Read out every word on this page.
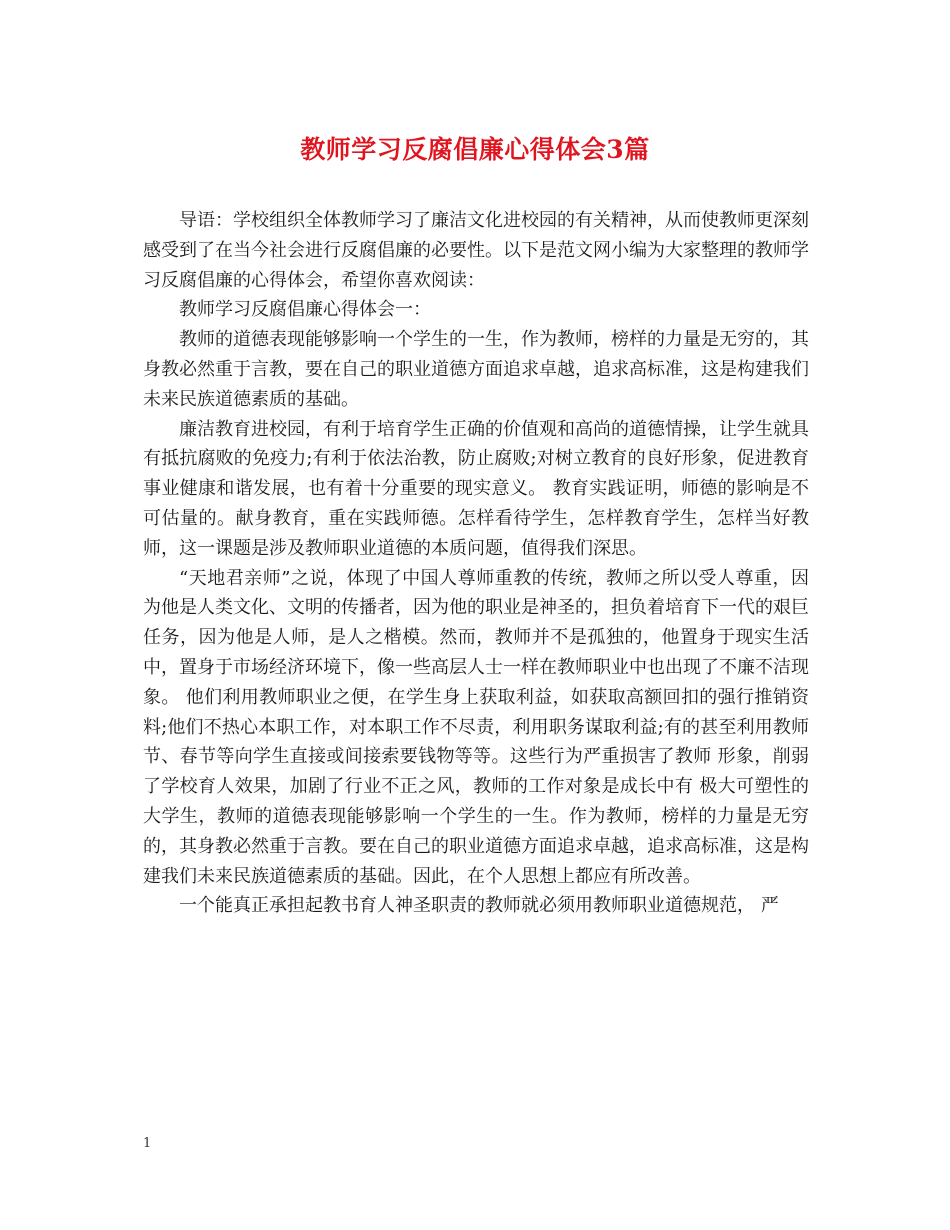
教师学习反腐倡廉心得体会3篇

导语：学校组织全体教师学习了廉洁文化进校园的有关精神，从而使教师更深刻感受到了在当今社会进行反腐倡廉的必要性。以下是范文网小编为大家整理的教师学习反腐倡廉的心得体会，希望你喜欢阅读：

教师学习反腐倡廉心得体会一：

教师的道德表现能够影响一个学生的一生，作为教师，榜样的力量是无穷的，其身教必然重于言教，要在自己的职业道德方面追求卓越，追求高标准，这是构建我们未来民族道德素质的基础。

廉洁教育进校园，有利于培育学生正确的价值观和高尚的道德情操，让学生就具有抵抗腐败的免疫力;有利于依法治教，防止腐败;对树立教育的良好形象，促进教育事业健康和谐发展，也有着十分重要的现实意义。 教育实践证明，师德的影响是不可估量的。献身教育，重在实践师德。怎样看待学生，怎样教育学生，怎样当好教师，这一课题是涉及教师职业道德的本质问题，值得我们深思。

“天地君亲师”之说，体现了中国人尊师重教的传统，教师之所以受人尊重，因为他是人类文化、文明的传播者，因为他的职业是神圣的，担负着培育下一代的艰巨任务，因为他是人师，是人之楷模。然而，教师并不是孤独的，他置身于现实生活中，置身于市场经济环境下，像一些高层人士一样在教师职业中也出现了不廉不洁现象。 他们利用教师职业之便，在学生身上获取利益，如获取高额回扣的强行推销资料;他们不热心本职工作，对本职工作不尽责，利用职务谋取利益;有的甚至利用教师节、春节等向学生直接或间接索要钱物等等。这些行为严重损害了教师 形象，削弱了学校育人效果，加剧了行业不正之风，教师的工作对象是成长中有 极大可塑性的大学生，教师的道德表现能够影响一个学生的一生。作为教师，榜样的力量是无穷的，其身教必然重于言教。要在自己的职业道德方面追求卓越，追求高标准，这是构建我们未来民族道德素质的基础。因此，在个人思想上都应有所改善。

一个能真正承担起教书育人神圣职责的教师就必须用教师职业道德规范， 严

1
